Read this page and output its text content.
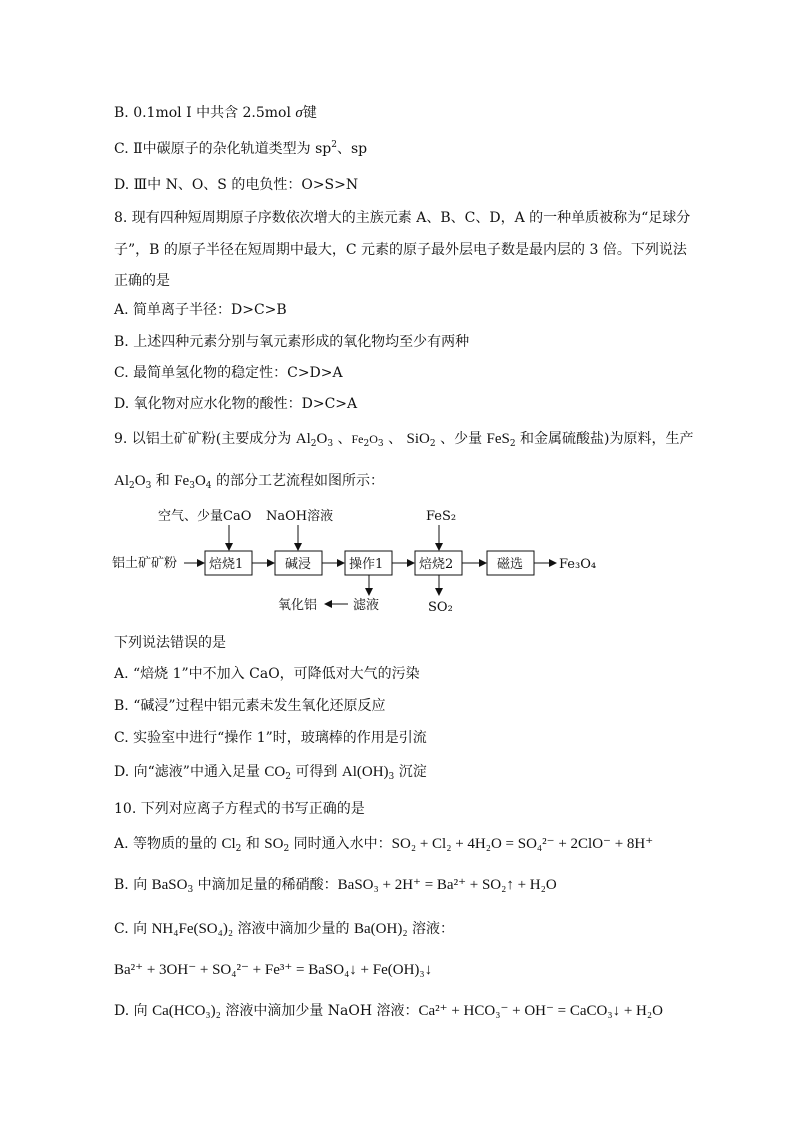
B. 0.1mol I 中共含 2.5mol σ键
C. Ⅱ中碳原子的杂化轨道类型为 $sp^2$、sp
D. Ⅲ中 N、O、S 的电负性：O>S>N
8. 现有四种短周期原子序数依次增大的主族元素 A、B、C、D，A 的一种单质被称为“足球分
子”，B 的原子半径在短周期中最大，C 元素的原子最外层电子数是最内层的 3 倍。下列说法
正确的是
A. 简单离子半径：D>C>B
B. 上述四种元素分别与氧元素形成的氧化物均至少有两种
C. 最简单氢化物的稳定性：C>D>A
D. 氧化物对应水化物的酸性：D>C>A
9. 以铝土矿矿粉(主要成分为 $Al_2O_3$ 、$Fe_2O_3$ 、 SiO$_2$ 、少量 FeS$_2$ 和金属硫酸盐)为原料，生产
$Al_2O_3$ 和 $Fe_3O_4$ 的部分工艺流程如图所示：
空气、少量CaO NaOH溶液	FeS₂
铝土矿矿粉 焙烧1	碱浸	操作1	焙烧2	磁选	Fe₃O₄
滤液
氧化铝	SO₂
下列说法错误的是
A. “焙烧 1”中不加入 CaO，可降低对大气的污染
B. “碱浸”过程中铝元素未发生氧化还原反应
C. 实验室中进行“操作 1”时，玻璃棒的作用是引流
D. 向“滤液”中通入足量 $CO_2$ 可得到 $Al(OH)_3$ 沉淀
10. 下列对应离子方程式的书写正确的是
A. 等物质的量的 $Cl_2$ 和 $SO_2$ 同时通入水中：SO₂ + Cl₂ + 4H₂O = SO₄²⁻ + 2ClO⁻ + 8H⁺
B. 向 BaSO$_3$ 中滴加足量的稀硝酸：BaSO₃ + 2H⁺ = Ba²⁺ + SO₂↑ + H₂O
C. 向 NH₄Fe(SO₄)₂ 溶液中滴加少量的 Ba(OH)₂ 溶液：
Ba²⁺ + 3OH⁻ + SO₄²⁻ + Fe³⁺ = BaSO₄↓ + Fe(OH)₃↓
D. 向 Ca(HCO₃)₂ 溶液中滴加少量 NaOH 溶液：Ca²⁺ + HCO₃⁻ + OH⁻ = CaCO₃↓ + H₂O
